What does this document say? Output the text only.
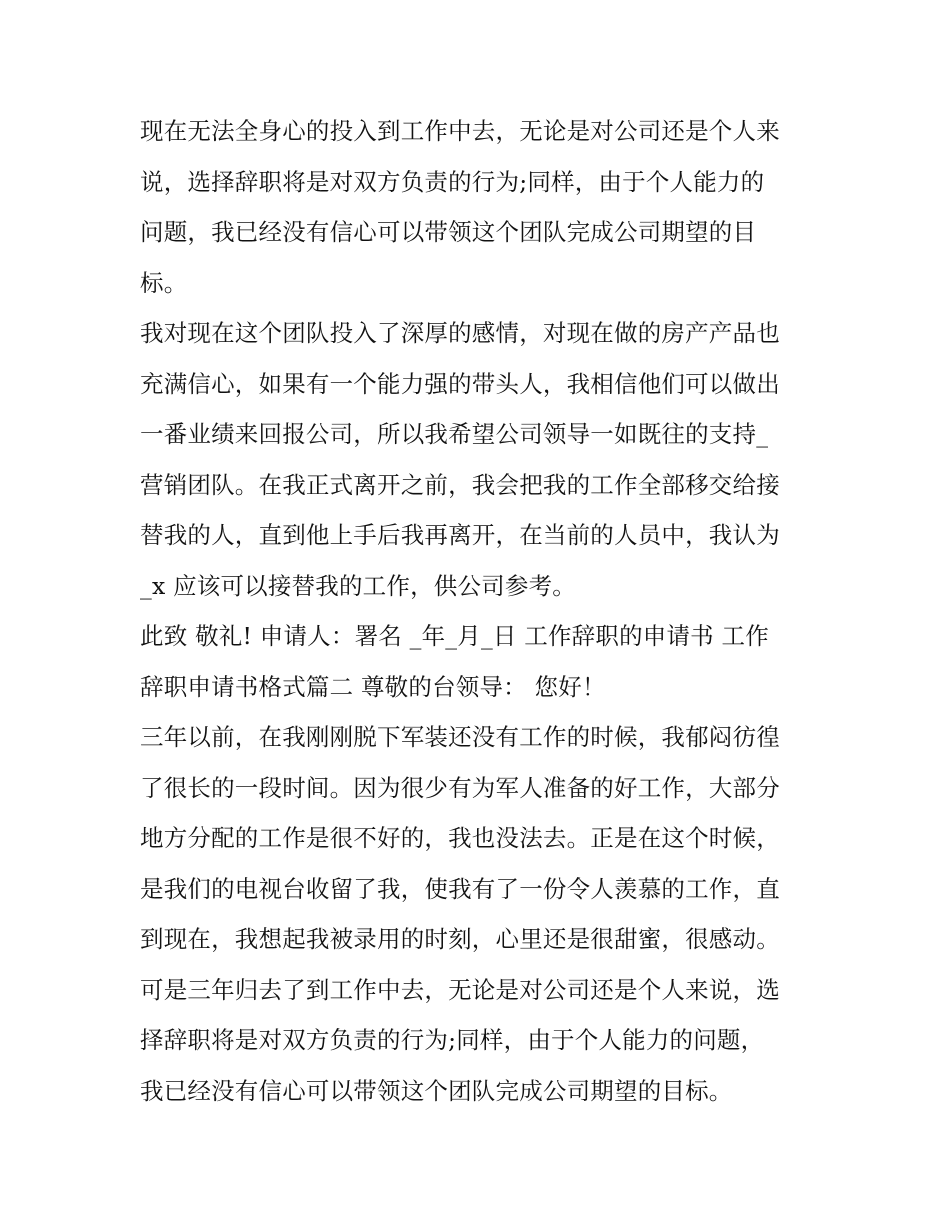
现在无法全身心的投入到工作中去，无论是对公司还是个人来
说，选择辞职将是对双方负责的行为;同样，由于个人能力的
问题，我已经没有信心可以带领这个团队完成公司期望的目
标。
我对现在这个团队投入了深厚的感情，对现在做的房产产品也
充满信心，如果有一个能力强的带头人，我相信他们可以做出
一番业绩来回报公司，所以我希望公司领导一如既往的支持_
营销团队。在我正式离开之前，我会把我的工作全部移交给接
替我的人，直到他上手后我再离开，在当前的人员中，我认为
_x 应该可以接替我的工作，供公司参考。
此致 敬礼! 申请人：署名 _年_月_日 工作辞职的申请书 工作
辞职申请书格式篇二 尊敬的台领导： 您好！
三年以前，在我刚刚脱下军装还没有工作的时候，我郁闷彷徨
了很长的一段时间。因为很少有为军人准备的好工作，大部分
地方分配的工作是很不好的，我也没法去。正是在这个时候，
是我们的电视台收留了我，使我有了一份令人羡慕的工作，直
到现在，我想起我被录用的时刻，心里还是很甜蜜，很感动。
可是三年归去了到工作中去，无论是对公司还是个人来说，选
择辞职将是对双方负责的行为;同样，由于个人能力的问题，
我已经没有信心可以带领这个团队完成公司期望的目标。
